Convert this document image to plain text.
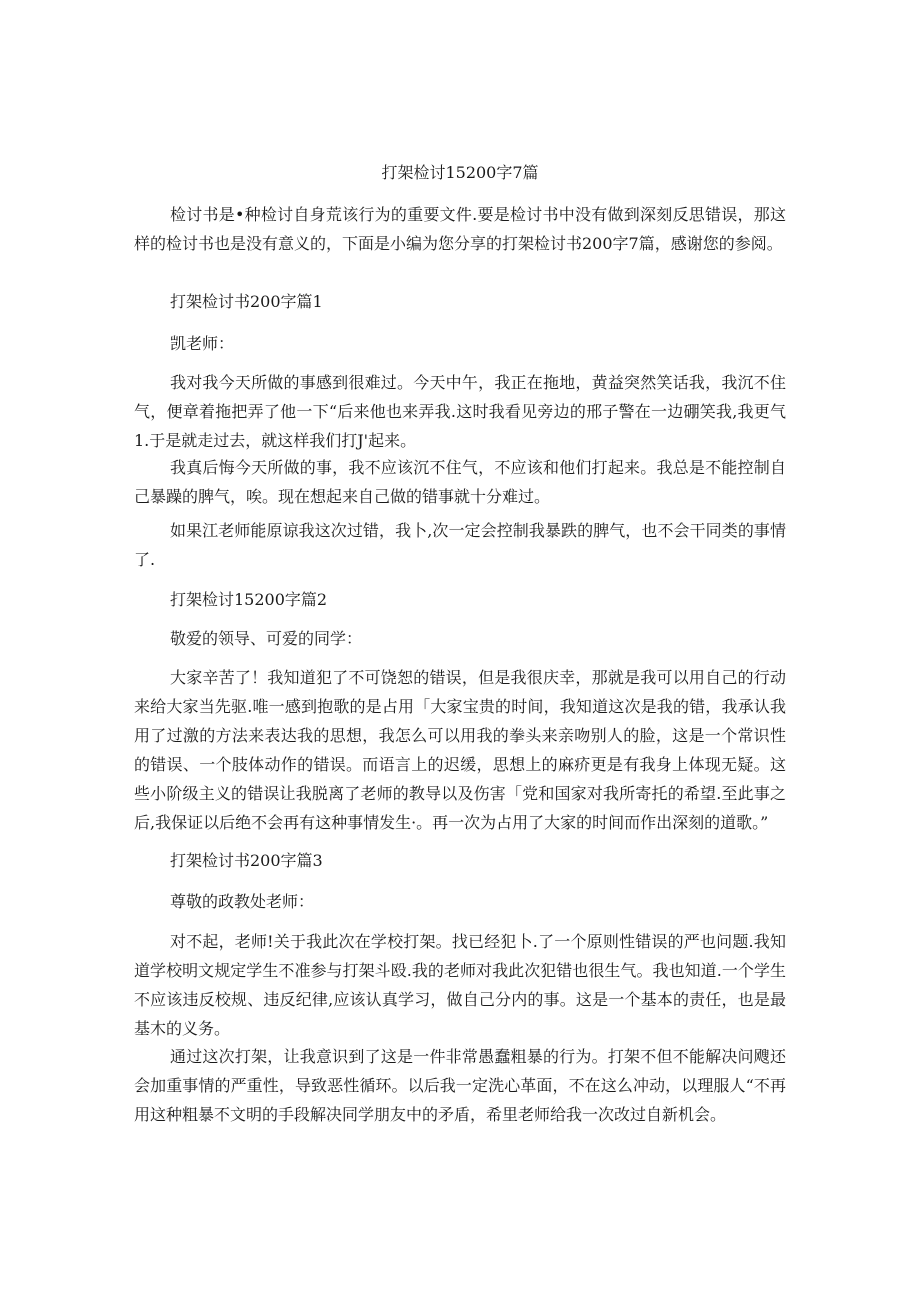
打架检讨15200字7篇

检讨书是•种检讨自身荒该行为的重要文件.要是检讨书中没有做到深刻反思错误，那这样的检讨书也是没有意义的，下面是小编为您分享的打架检讨书200字7篇，感谢您的参阅。

打架检讨书200字篇1

凯老师：

我对我今天所做的事感到很难过。今天中午，我正在拖地，黄益突然笑话我，我沉不住气，便章着拖把弄了他一下“后来他也来弄我.这时我看见旁边的邢子警在一边硼笑我,我更气1.于是就走过去，就这样我们打J'起来。

我真后悔今天所做的事，我不应该沉不住气，不应该和他们打起来。我总是不能控制自己暴躁的脾气，唉。现在想起来自己做的错事就十分难过。

如果江老师能原谅我这次过错，我卜,次一定会控制我暴跌的脾气，也不会干同类的事情了.

打架检讨15200字篇2

敬爱的领导、可爱的同学：

大家辛苦了！我知道犯了不可饶恕的错误，但是我很庆幸，那就是我可以用自己的行动来给大家当先驱.唯一感到抱歌的是占用「大家宝贵的时间，我知道这次是我的错，我承认我用了过激的方法来表达我的思想，我怎么可以用我的拳头来亲吻别人的脸，这是一个常识性的错误、一个肢体动作的错误。而语言上的迟缓，思想上的麻疥更是有我身上体现无疑。这些小阶级主义的错误让我脱离了老师的教导以及伤害「党和国家对我所寄托的希望.至此事之后,我保证以后绝不会再有这种事情发生·。再一次为占用了大家的时间而作出深刻的道歌。”

打架检讨书200字篇3

尊敬的政教处老师：

对不起，老师!关于我此次在学校打架。找已经犯卜.了一个原则性错误的严也问题.我知道学校明文规定学生不准参与打架斗殴.我的老师对我此次犯错也很生气。我也知道.一个学生不应该违反校规、违反纪律,应该认真学习，做自己分内的事。这是一个基本的责任，也是最基木的义务。

通过这次打架，让我意识到了这是一件非常愚蠢粗暴的行为。打架不但不能解决问飕还会加重事情的严重性，导致恶性循环。以后我一定洗心革面，不在这么冲动，以理服人“不再用这种粗暴不文明的手段解决同学朋友中的矛盾，希里老师给我一次改过自新机会。
